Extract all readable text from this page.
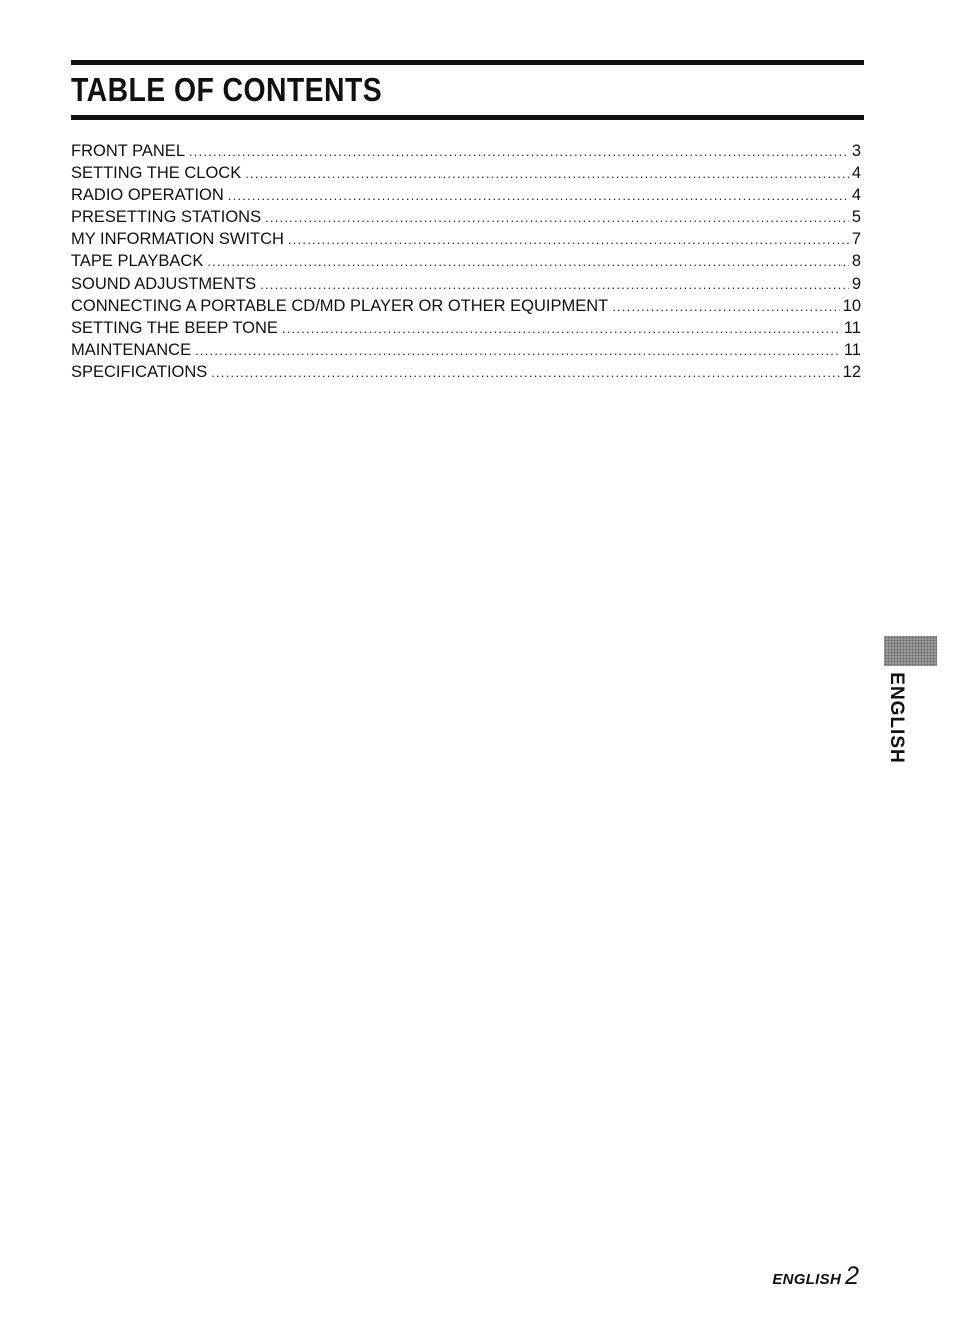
TABLE OF CONTENTS
FRONT PANEL .....	3
SETTING THE CLOCK .....	4
RADIO OPERATION .....	4
PRESETTING STATIONS .....	5
MY INFORMATION SWITCH .....	7
TAPE PLAYBACK .....	8
SOUND ADJUSTMENTS .....	9
CONNECTING A PORTABLE CD/MD PLAYER OR OTHER EQUIPMENT .....	10
SETTING THE BEEP TONE .....	11
MAINTENANCE .....	11
SPECIFICATIONS .....	12
ENGLISH
ENGLISH 2
